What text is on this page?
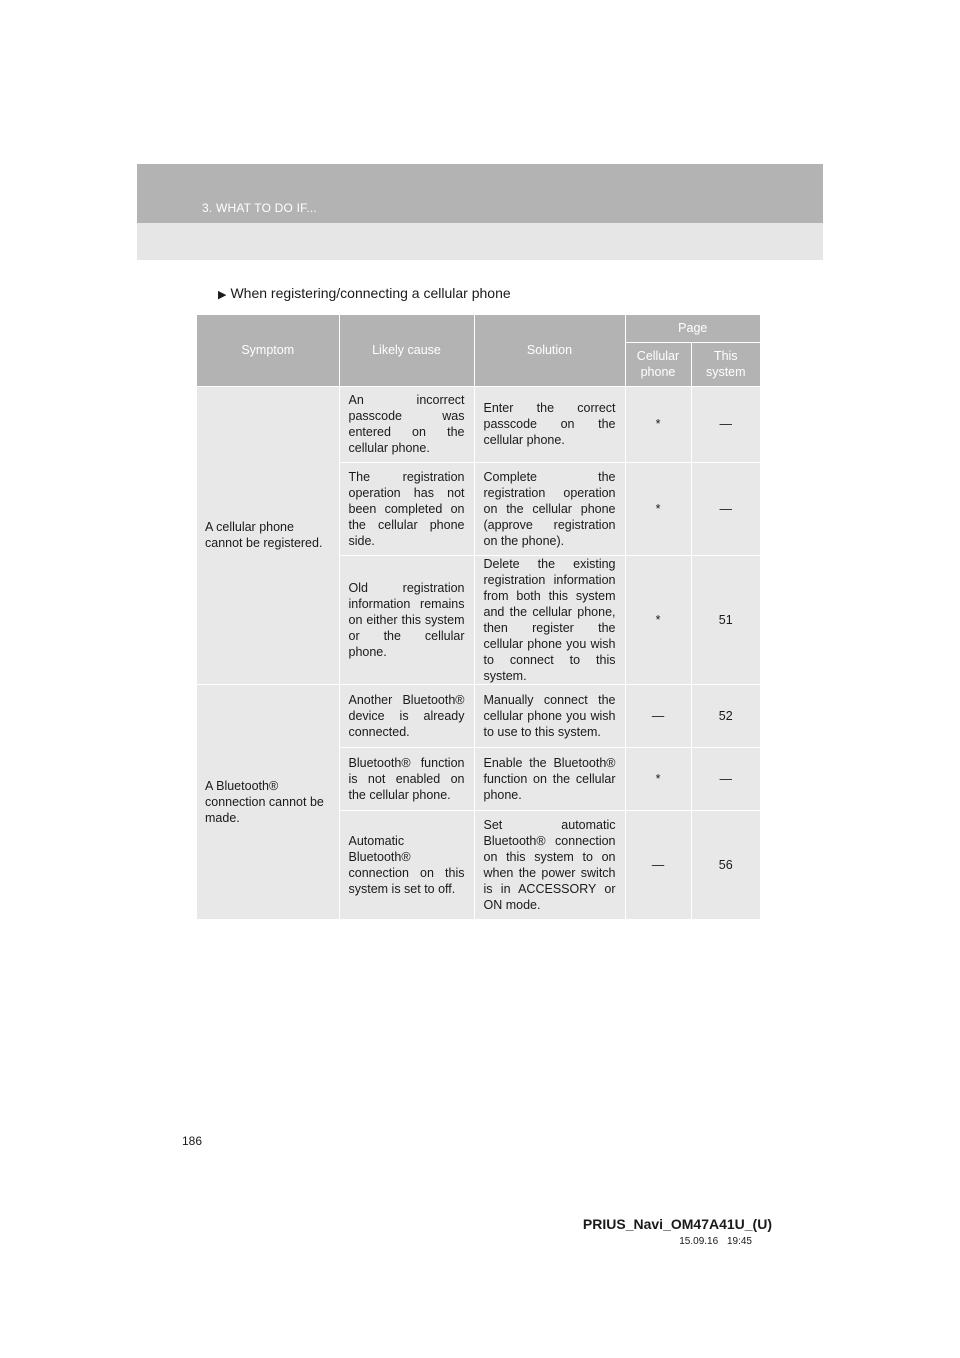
3. WHAT TO DO IF...
▶ When registering/connecting a cellular phone
Symptom	Likely cause	Solution	Page	
			Cellular phone	This system
A cellular phone cannot be registered.	An incorrect passcode was entered on the cellular phone.	Enter the correct passcode on the cellular phone.	*	—
	The registration operation has not been completed on the cellular phone side.	Complete the registration operation on the cellular phone (approve registration on the phone).	*	—
	Old registration information remains on either this system or the cellular phone.	Delete the existing registration information from both this system and the cellular phone, then register the cellular phone you wish to connect to this system.	*	51
A Bluetooth® connection cannot be made.	Another Bluetooth® device is already connected.	Manually connect the cellular phone you wish to use to this system.	—	52
	Bluetooth® function is not enabled on the cellular phone.	Enable the Bluetooth® function on the cellular phone.	*	—
	Automatic Bluetooth® connection on this system is set to off.	Set automatic Bluetooth® connection on this system to on when the power switch is in ACCESSORY or ON mode.	—	56
186
PRIUS_Navi_OM47A41U_(U)
15.09.16 19:45
